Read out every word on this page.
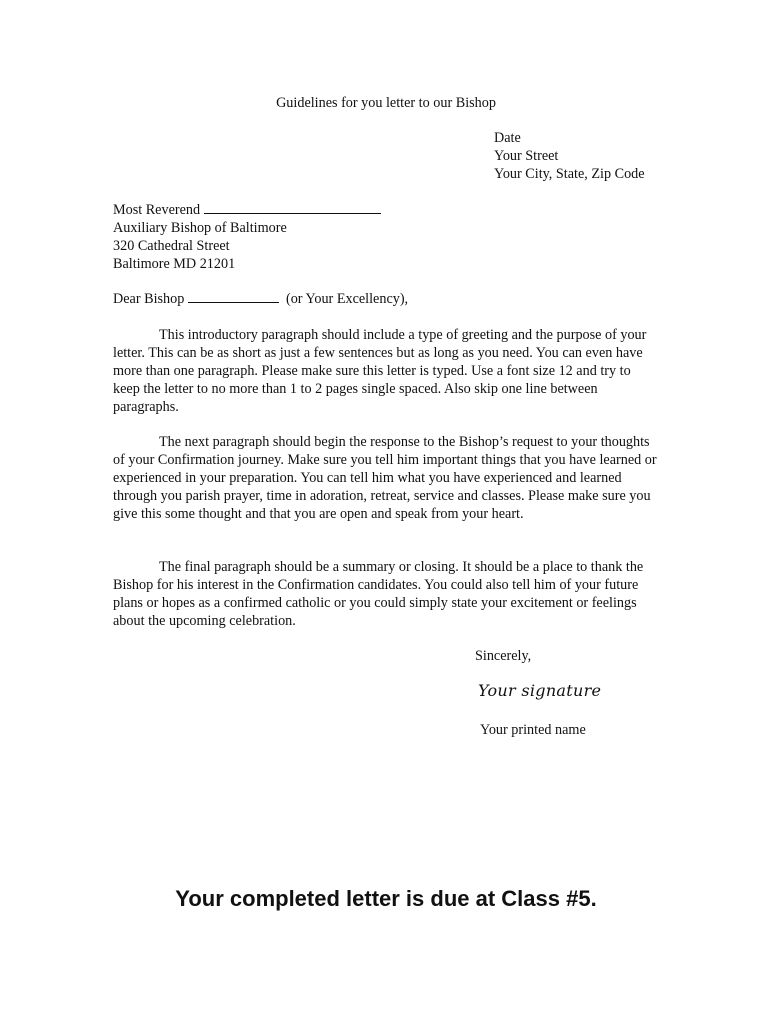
Guidelines for you letter to our Bishop
Date
Your Street
Your City, State, Zip Code
Most Reverend
Auxiliary Bishop of Baltimore
320 Cathedral Street
Baltimore MD 21201
Dear Bishop	(or Your Excellency),

This introductory paragraph should include a type of greeting and the purpose of your letter. This can be as short as just a few sentences but as long as you need. You can even have more than one paragraph. Please make sure this letter is typed. Use a font size 12 and try to keep the letter to no more than 1 to 2 pages single spaced. Also skip one line between paragraphs.

The next paragraph should begin the response to the Bishop’s request to your thoughts of your Confirmation journey. Make sure you tell him important things that you have learned or experienced in your preparation. You can tell him what you have experienced and learned through you parish prayer, time in adoration, retreat, service and classes. Please make sure you give this some thought and that you are open and speak from your heart.

The final paragraph should be a summary or closing. It should be a place to thank the Bishop for his interest in the Confirmation candidates. You could also tell him of your future plans or hopes as a confirmed catholic or you could simply state your excitement or feelings about the upcoming celebration.

Sincerely,
Your signature
Your printed name
Your completed letter is due at Class #5.
